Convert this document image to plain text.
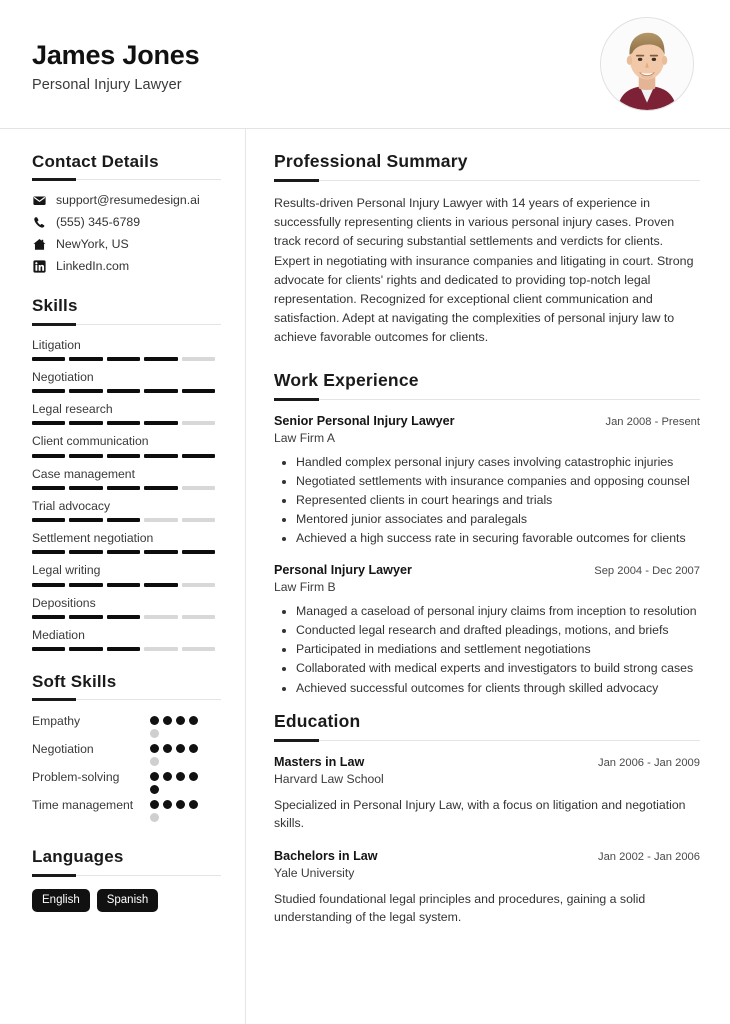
James Jones
Personal Injury Lawyer
Contact Details
support@resumedesign.ai
(555) 345-6789
NewYork, US
LinkedIn.com
Skills
Litigation
Negotiation
Legal research
Client communication
Case management
Trial advocacy
Settlement negotiation
Legal writing
Depositions
Mediation
Soft Skills
Empathy
Negotiation
Problem-solving
Time management
Languages
English	Spanish
Professional Summary
Results-driven Personal Injury Lawyer with 14 years of experience in successfully representing clients in various personal injury cases. Proven track record of securing substantial settlements and verdicts for clients. Expert in negotiating with insurance companies and litigating in court. Strong advocate for clients' rights and dedicated to providing top-notch legal representation. Recognized for exceptional client communication and satisfaction. Adept at navigating the complexities of personal injury law to achieve favorable outcomes for clients.
Work Experience
Senior Personal Injury Lawyer	Jan 2008 - Present
Law Firm A
• Handled complex personal injury cases involving catastrophic injuries
• Negotiated settlements with insurance companies and opposing counsel
• Represented clients in court hearings and trials
• Mentored junior associates and paralegals
• Achieved a high success rate in securing favorable outcomes for clients
Personal Injury Lawyer	Sep 2004 - Dec 2007
Law Firm B
• Managed a caseload of personal injury claims from inception to resolution
• Conducted legal research and drafted pleadings, motions, and briefs
• Participated in mediations and settlement negotiations
• Collaborated with medical experts and investigators to build strong cases
• Achieved successful outcomes for clients through skilled advocacy
Education
Masters in Law	Jan 2006 - Jan 2009
Harvard Law School
Specialized in Personal Injury Law, with a focus on litigation and negotiation skills.
Bachelors in Law	Jan 2002 - Jan 2006
Yale University
Studied foundational legal principles and procedures, gaining a solid understanding of the legal system.
